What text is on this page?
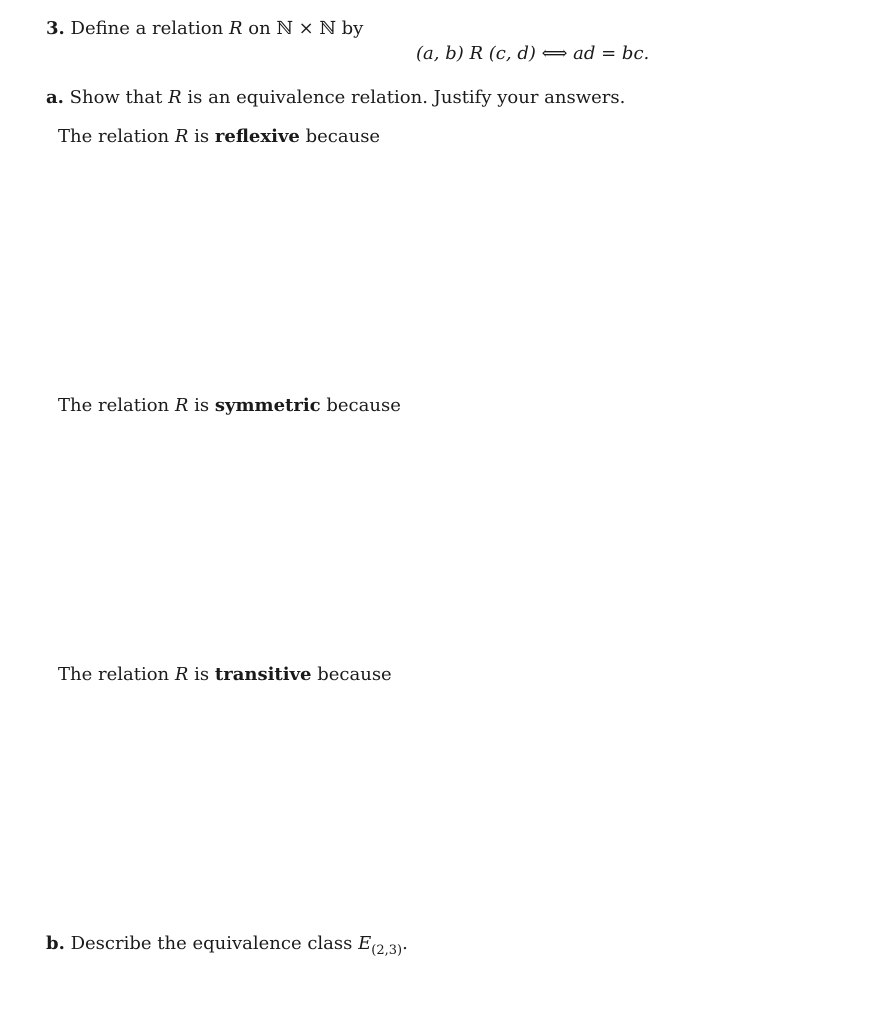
3. Define a relation R on ℕ × ℕ by
(a, b) R (c, d) ⟺ ad = bc.
a. Show that R is an equivalence relation. Justify your answers.
The relation R is reflexive because
The relation R is symmetric because
The relation R is transitive because
b. Describe the equivalence class $E_{(2,3)}$.
